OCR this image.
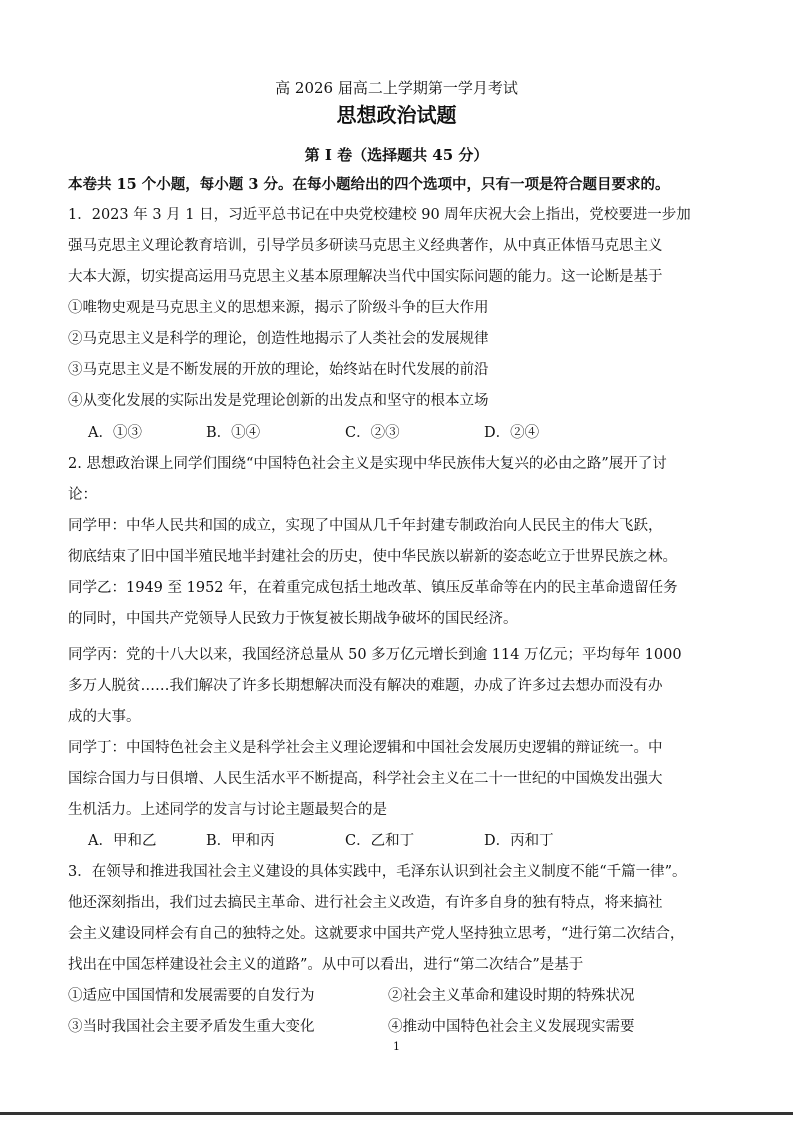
高 2026 届高二上学期第一学月考试
思想政治试题
第 I 卷（选择题共 45 分）
本卷共 15 个小题，每小题 3 分。在每小题给出的四个选项中，只有一项是符合题目要求的。
1．2023 年 3 月 1 日，习近平总书记在中央党校建校 90 周年庆祝大会上指出，党校要进一步加
强马克思主义理论教育培训，引导学员多研读马克思主义经典著作，从中真正体悟马克思主义
大本大源，切实提高运用马克思主义基本原理解决当代中国实际问题的能力。这一论断是基于
①唯物史观是马克思主义的思想来源，揭示了阶级斗争的巨大作用
②马克思主义是科学的理论，创造性地揭示了人类社会的发展规律
③马克思主义是不断发展的开放的理论，始终站在时代发展的前沿
④从变化发展的实际出发是党理论创新的出发点和坚守的根本立场
A．①③	B．①④	C．②③	D．②④
2. 思想政治课上同学们围绕“中国特色社会主义是实现中华民族伟大复兴的必由之路”展开了讨
论：
同学甲：中华人民共和国的成立，实现了中国从几千年封建专制政治向人民民主的伟大飞跃，
彻底结束了旧中国半殖民地半封建社会的历史，使中华民族以崭新的姿态屹立于世界民族之林。
同学乙：1949 至 1952 年，在着重完成包括土地改革、镇压反革命等在内的民主革命遗留任务
的同时，中国共产党领导人民致力于恢复被长期战争破坏的国民经济。
同学丙：党的十八大以来，我国经济总量从 50 多万亿元增长到逾 114 万亿元；平均每年 1000
多万人脱贫……我们解决了许多长期想解决而没有解决的难题，办成了许多过去想办而没有办
成的大事。
同学丁：中国特色社会主义是科学社会主义理论逻辑和中国社会发展历史逻辑的辩证统一。中
国综合国力与日俱增、人民生活水平不断提高，科学社会主义在二十一世纪的中国焕发出强大
生机活力。上述同学的发言与讨论主题最契合的是
A．甲和乙	B．甲和丙	C．乙和丁	D．丙和丁
3．在领导和推进我国社会主义建设的具体实践中，毛泽东认识到社会主义制度不能“千篇一律”。
他还深刻指出，我们过去搞民主革命、进行社会主义改造，有许多自身的独有特点，将来搞社
会主义建设同样会有自己的独特之处。这就要求中国共产党人坚持独立思考，“进行第二次结合，
找出在中国怎样建设社会主义的道路”。从中可以看出，进行“第二次结合”是基于
①适应中国国情和发展需要的自发行为	②社会主义革命和建设时期的特殊状况
③当时我国社会主要矛盾发生重大变化	④推动中国特色社会主义发展现实需要
1
